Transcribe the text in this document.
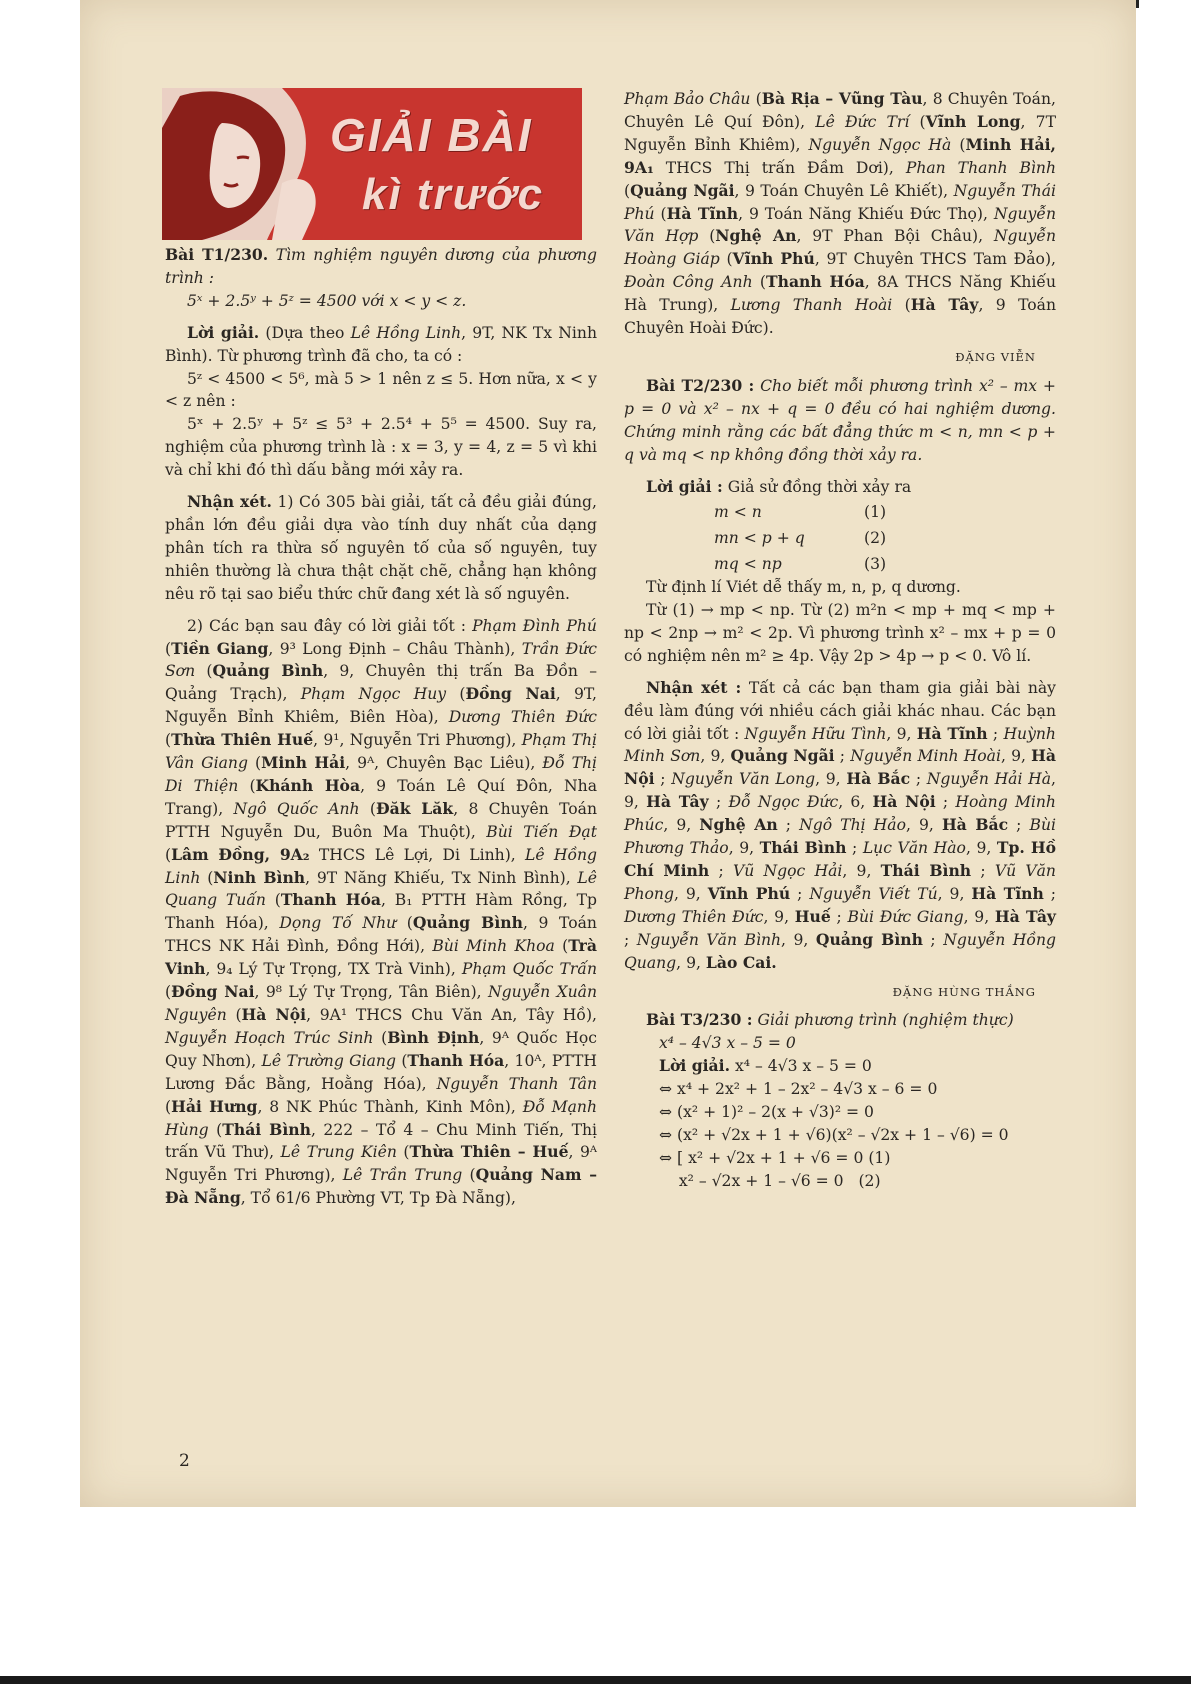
GIẢI BÀI
kì trước

Bài T1/230. Tìm nghiệm nguyên dương của phương trình :

5ˣ + 2.5ʸ + 5ᶻ = 4500 với x < y < z.

Lời giải. (Dựa theo Lê Hồng Linh, 9T, NK Tx Ninh Bình). Từ phương trình đã cho, ta có :

5ᶻ < 4500 < 5⁶, mà 5 > 1 nên z ≤ 5. Hơn nữa, x < y < z nên :

5ˣ + 2.5ʸ + 5ᶻ ≤ 5³ + 2.5⁴ + 5⁵ = 4500. Suy ra, nghiệm của phương trình là : x = 3, y = 4, z = 5 vì khi và chỉ khi đó thì dấu bằng mới xảy ra.

Nhận xét. 1) Có 305 bài giải, tất cả đều giải đúng, phần lớn đều giải dựa vào tính duy nhất của dạng phân tích ra thừa số nguyên tố của số nguyên, tuy nhiên thường là chưa thật chặt chẽ, chẳng hạn không nêu rõ tại sao biểu thức chữ đang xét là số nguyên.

2) Các bạn sau đây có lời giải tốt : Phạm Đình Phú (Tiền Giang, 9³ Long Định – Châu Thành), Trần Đức Sơn (Quảng Bình, 9, Chuyên thị trấn Ba Đồn – Quảng Trạch), Phạm Ngọc Huy (Đồng Nai, 9T, Nguyễn Bỉnh Khiêm, Biên Hòa), Dương Thiên Đức (Thừa Thiên Huế, 9¹, Nguyễn Tri Phương), Phạm Thị Vân Giang (Minh Hải, 9ᴬ, Chuyên Bạc Liêu), Đỗ Thị Di Thiện (Khánh Hòa, 9 Toán Lê Quí Đôn, Nha Trang), Ngô Quốc Anh (Đăk Lăk, 8 Chuyên Toán PTTH Nguyễn Du, Buôn Ma Thuột), Bùi Tiến Đạt (Lâm Đồng, 9A₂ THCS Lê Lợi, Di Linh), Lê Hồng Linh (Ninh Bình, 9T Năng Khiếu, Tx Ninh Bình), Lê Quang Tuấn (Thanh Hóa, B₁ PTTH Hàm Rồng, Tp Thanh Hóa), Dọng Tố Như (Quảng Bình, 9 Toán THCS NK Hải Đình, Đồng Hới), Bùi Minh Khoa (Trà Vinh, 9₄ Lý Tự Trọng, TX Trà Vinh), Phạm Quốc Trấn (Đồng Nai, 9⁸ Lý Tự Trọng, Tân Biên), Nguyễn Xuân Nguyên (Hà Nội, 9A¹ THCS Chu Văn An, Tây Hồ), Nguyễn Hoạch Trúc Sinh (Bình Định, 9ᴬ Quốc Học Quy Nhơn), Lê Trường Giang (Thanh Hóa, 10ᴬ, PTTH Lương Đắc Bằng, Hoằng Hóa), Nguyễn Thanh Tân (Hải Hưng, 8 NK Phúc Thành, Kinh Môn), Đỗ Mạnh Hùng (Thái Bình, 222 – Tổ 4 – Chu Minh Tiến, Thị trấn Vũ Thư), Lê Trung Kiên (Thừa Thiên – Huế, 9ᴬ Nguyễn Tri Phương), Lê Trần Trung (Quảng Nam – Đà Nẵng, Tổ 61/6 Phường VT, Tp Đà Nẵng),

Phạm Bảo Châu (Bà Rịa – Vũng Tàu, 8 Chuyên Toán, Chuyên Lê Quí Đôn), Lê Đức Trí (Vĩnh Long, 7T Nguyễn Bỉnh Khiêm), Nguyễn Ngọc Hà (Minh Hải, 9A₁ THCS Thị trấn Đầm Dơi), Phan Thanh Bình (Quảng Ngãi, 9 Toán Chuyên Lê Khiết), Nguyễn Thái Phú (Hà Tĩnh, 9 Toán Năng Khiếu Đức Thọ), Nguyễn Văn Hợp (Nghệ An, 9T Phan Bội Châu), Nguyễn Hoàng Giáp (Vĩnh Phú, 9T Chuyên THCS Tam Đảo), Đoàn Công Anh (Thanh Hóa, 8A THCS Năng Khiếu Hà Trung), Lương Thanh Hoài (Hà Tây, 9 Toán Chuyên Hoài Đức).

ĐẶNG VIỄN

Bài T2/230 : Cho biết mỗi phương trình x² – mx + p = 0 và x² – nx + q = 0 đều có hai nghiệm dương. Chứng minh rằng các bất đẳng thức m < n, mn < p + q và mq < np không đồng thời xảy ra.

Lời giải : Giả sử đồng thời xảy ra

m < n	(1)

mn < p + q	(2)

mq < np	(3)

Từ định lí Viét dễ thấy m, n, p, q dương.

Từ (1) → mp < np. Từ (2) m²n < mp + mq < mp + np < 2np → m² < 2p. Vì phương trình x² – mx + p = 0 có nghiệm nên m² ≥ 4p. Vậy 2p > 4p → p < 0. Vô lí.

Nhận xét : Tất cả các bạn tham gia giải bài này đều làm đúng với nhiều cách giải khác nhau. Các bạn có lời giải tốt : Nguyễn Hữu Tình, 9, Hà Tĩnh ; Huỳnh Minh Sơn, 9, Quảng Ngãi ; Nguyễn Minh Hoài, 9, Hà Nội ; Nguyễn Văn Long, 9, Hà Bắc ; Nguyễn Hải Hà, 9, Hà Tây ; Đỗ Ngọc Đức, 6, Hà Nội ; Hoàng Minh Phúc, 9, Nghệ An ; Ngô Thị Hảo, 9, Hà Bắc ; Bùi Phương Thảo, 9, Thái Bình ; Lục Văn Hào, 9, Tp. Hồ Chí Minh ; Vũ Ngọc Hải, 9, Thái Bình ; Vũ Văn Phong, 9, Vĩnh Phú ; Nguyễn Viết Tú, 9, Hà Tĩnh ; Dương Thiên Đức, 9, Huế ; Bùi Đức Giang, 9, Hà Tây ; Nguyễn Văn Bình, 9, Quảng Bình ; Nguyễn Hồng Quang, 9, Lào Cai.

ĐẶNG HÙNG THẮNG

Bài T3/230 : Giải phương trình (nghiệm thực)

x⁴ – 4√3 x – 5 = 0

Lời giải. x⁴ – 4√3 x – 5 = 0

⇔ x⁴ + 2x² + 1 – 2x² – 4√3 x – 6 = 0

⇔ (x² + 1)² – 2(x + √3)² = 0

⇔ (x² + √2x + 1 + √6)(x² – √2x + 1 – √6) = 0

⇔ [ x² + √2x + 1 + √6 = 0 (1)

x² – √2x + 1 – √6 = 0   (2)

2
